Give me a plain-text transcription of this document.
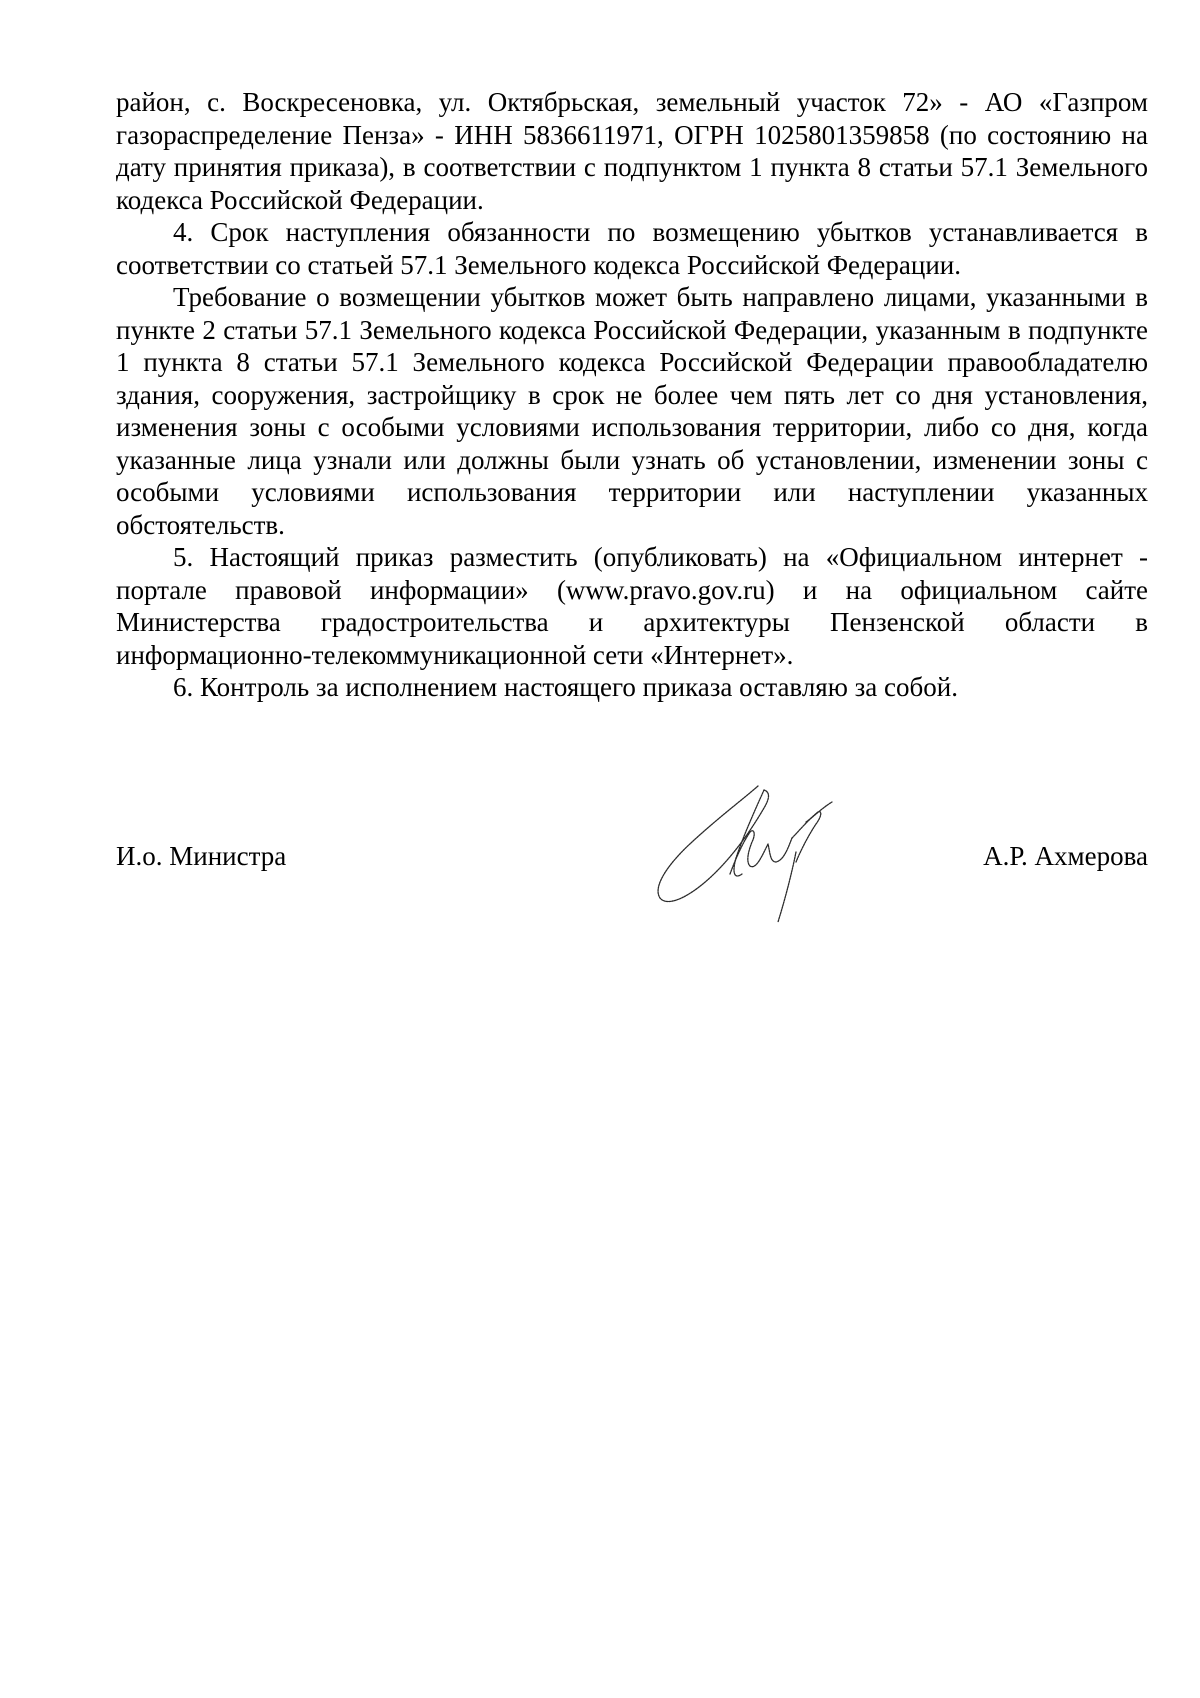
район, с. Воскресеновка, ул. Октябрьская, земельный участок 72» - АО «Газпром газораспределение Пенза» - ИНН 5836611971, ОГРН 1025801359858 (по состоянию на дату принятия приказа), в соответствии с подпунктом 1 пункта 8 статьи 57.1 Земельного кодекса Российской Федерации.

4. Срок наступления обязанности по возмещению убытков устанавливается в соответствии со статьей 57.1 Земельного кодекса Российской Федерации.

Требование о возмещении убытков может быть направлено лицами, указанными в пункте 2 статьи 57.1 Земельного кодекса Российской Федерации, указанным в подпункте 1 пункта 8 статьи 57.1 Земельного кодекса Российской Федерации правообладателю здания, сооружения, застройщику в срок не более чем пять лет со дня установления, изменения зоны с особыми условиями использования территории, либо со дня, когда указанные лица узнали или должны были узнать об установлении, изменении зоны с особыми условиями использования территории или наступлении указанных обстоятельств.

5. Настоящий приказ разместить (опубликовать) на «Официальном интернет - портале правовой информации» (www.pravo.gov.ru) и на официальном сайте Министерства градостроительства и архитектуры Пензенской области в информационно-телекоммуникационной сети «Интернет».

6. Контроль за исполнением настоящего приказа оставляю за собой.

И.о. Министра	А.Р. Ахмерова
